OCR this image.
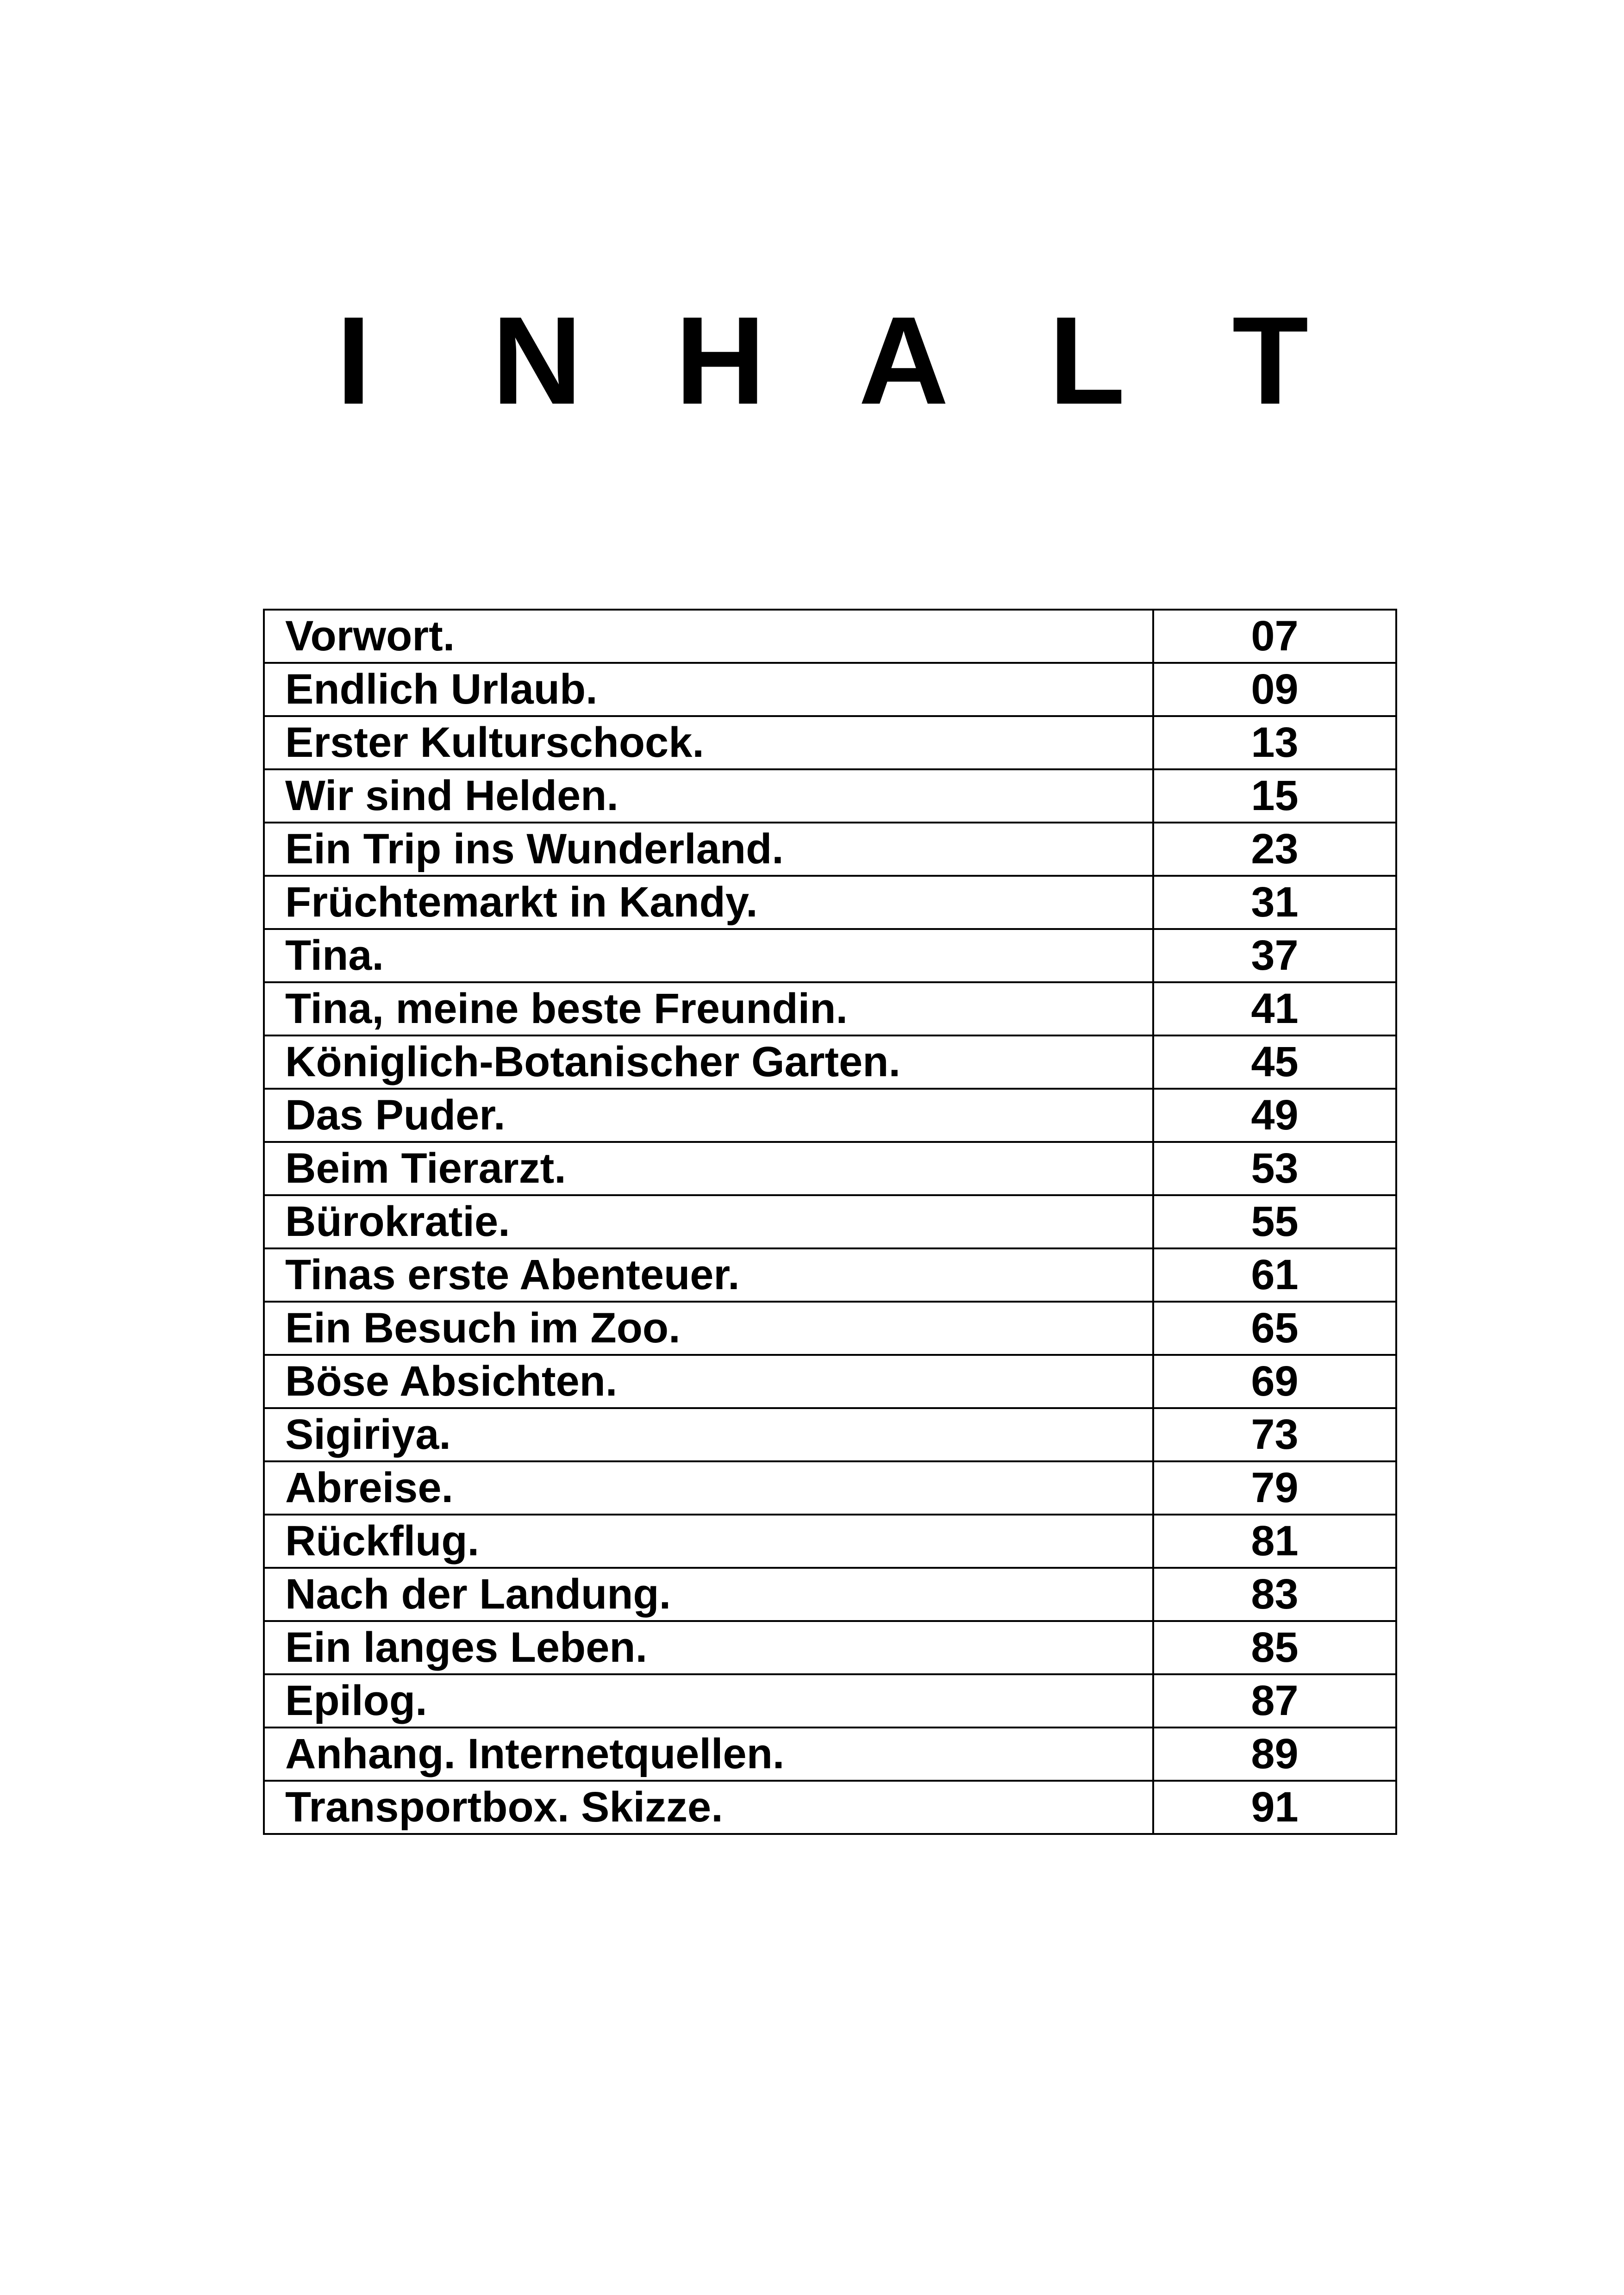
I N H A L T
Vorwort.	07
Endlich Urlaub.	09
Erster Kulturschock.	13
Wir sind Helden.	15
Ein Trip ins Wunderland.	23
Früchtemarkt in Kandy.	31
Tina.	37
Tina, meine beste Freundin.	41
Königlich-Botanischer Garten.	45
Das Puder.	49
Beim Tierarzt.	53
Bürokratie.	55
Tinas erste Abenteuer.	61
Ein Besuch im Zoo.	65
Böse Absichten.	69
Sigiriya.	73
Abreise.	79
Rückflug.	81
Nach der Landung.	83
Ein langes Leben.	85
Epilog.	87
Anhang. Internetquellen.	89
Transportbox. Skizze.	91
